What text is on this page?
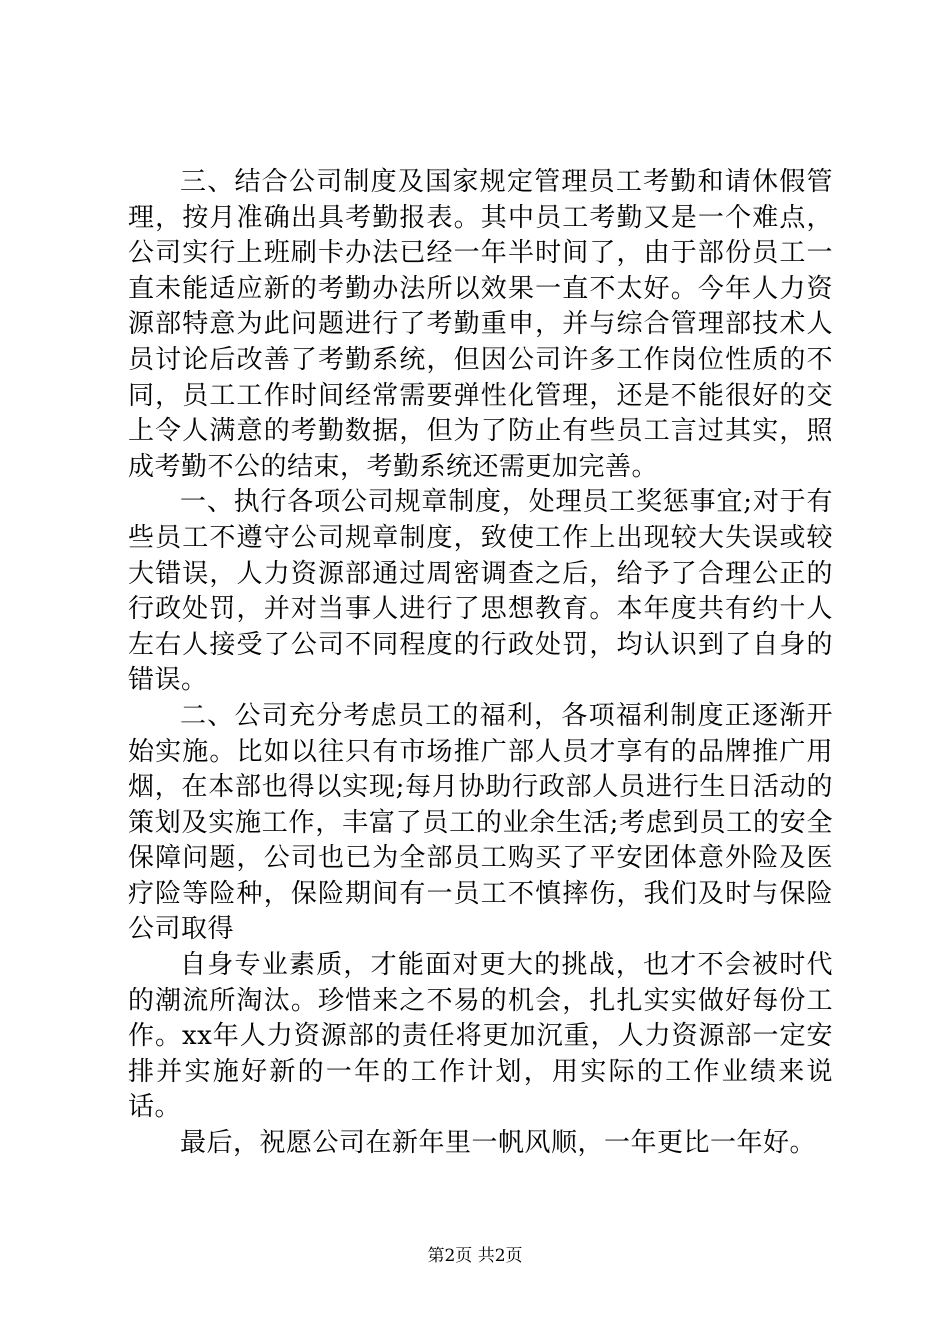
三、结合公司制度及国家规定管理员工考勤和请休假管理，按月准确出具考勤报表。其中员工考勤又是一个难点，公司实行上班刷卡办法已经一年半时间了，由于部份员工一直未能适应新的考勤办法所以效果一直不太好。今年人力资源部特意为此问题进行了考勤重申，并与综合管理部技术人员讨论后改善了考勤系统，但因公司许多工作岗位性质的不同，员工工作时间经常需要弹性化管理，还是不能很好的交上令人满意的考勤数据，但为了防止有些员工言过其实，照成考勤不公的结束，考勤系统还需更加完善。

一、执行各项公司规章制度，处理员工奖惩事宜;对于有些员工不遵守公司规章制度，致使工作上出现较大失误或较大错误，人力资源部通过周密调查之后，给予了合理公正的行政处罚，并对当事人进行了思想教育。本年度共有约十人左右人接受了公司不同程度的行政处罚，均认识到了自身的错误。

二、公司充分考虑员工的福利，各项福利制度正逐渐开始实施。比如以往只有市场推广部人员才享有的品牌推广用烟，在本部也得以实现;每月协助行政部人员进行生日活动的策划及实施工作，丰富了员工的业余生活;考虑到员工的安全保障问题，公司也已为全部员工购买了平安团体意外险及医疗险等险种，保险期间有一员工不慎摔伤，我们及时与保险公司取得

自身专业素质，才能面对更大的挑战，也才不会被时代的潮流所淘汰。珍惜来之不易的机会，扎扎实实做好每份工作。xx年人力资源部的责任将更加沉重，人力资源部一定安排并实施好新的一年的工作计划，用实际的工作业绩来说话。

最后，祝愿公司在新年里一帆风顺，一年更比一年好。

第2页 共2页
